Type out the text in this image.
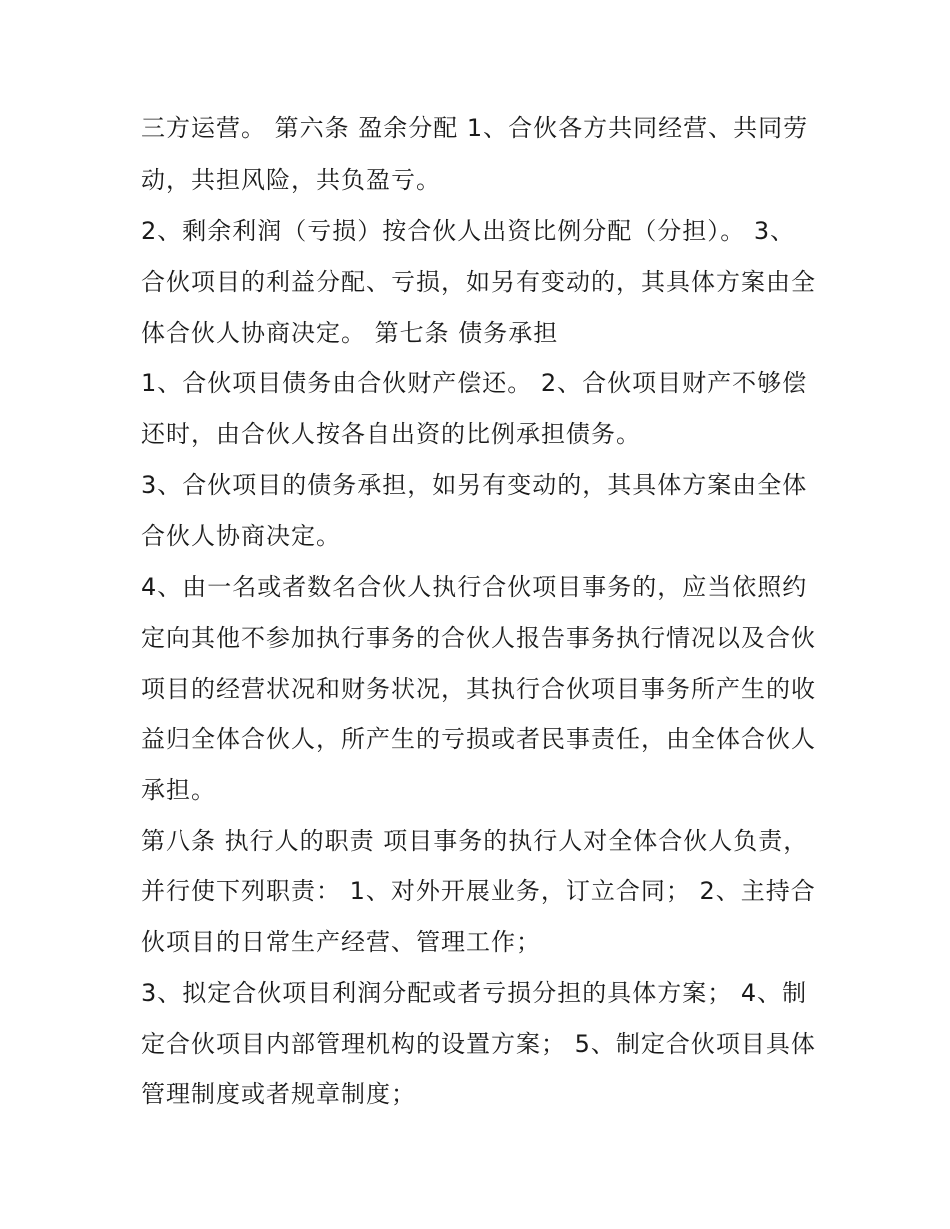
三方运营。 第六条 盈余分配 1、合伙各方共同经营、共同劳
动，共担风险，共负盈亏。
2、剩余利润（亏损）按合伙人出资比例分配（分担）。 3、
合伙项目的利益分配、亏损，如另有变动的，其具体方案由全
体合伙人协商决定。 第七条 债务承担
1、合伙项目债务由合伙财产偿还。 2、合伙项目财产不够偿
还时，由合伙人按各自出资的比例承担债务。
3、合伙项目的债务承担，如另有变动的，其具体方案由全体
合伙人协商决定。
4、由一名或者数名合伙人执行合伙项目事务的，应当依照约
定向其他不参加执行事务的合伙人报告事务执行情况以及合伙
项目的经营状况和财务状况，其执行合伙项目事务所产生的收
益归全体合伙人，所产生的亏损或者民事责任，由全体合伙人
承担。
第八条 执行人的职责 项目事务的执行人对全体合伙人负责，
并行使下列职责： 1、对外开展业务，订立合同； 2、主持合
伙项目的日常生产经营、管理工作；
3、拟定合伙项目利润分配或者亏损分担的具体方案； 4、制
定合伙项目内部管理机构的设置方案； 5、制定合伙项目具体
管理制度或者规章制度；
